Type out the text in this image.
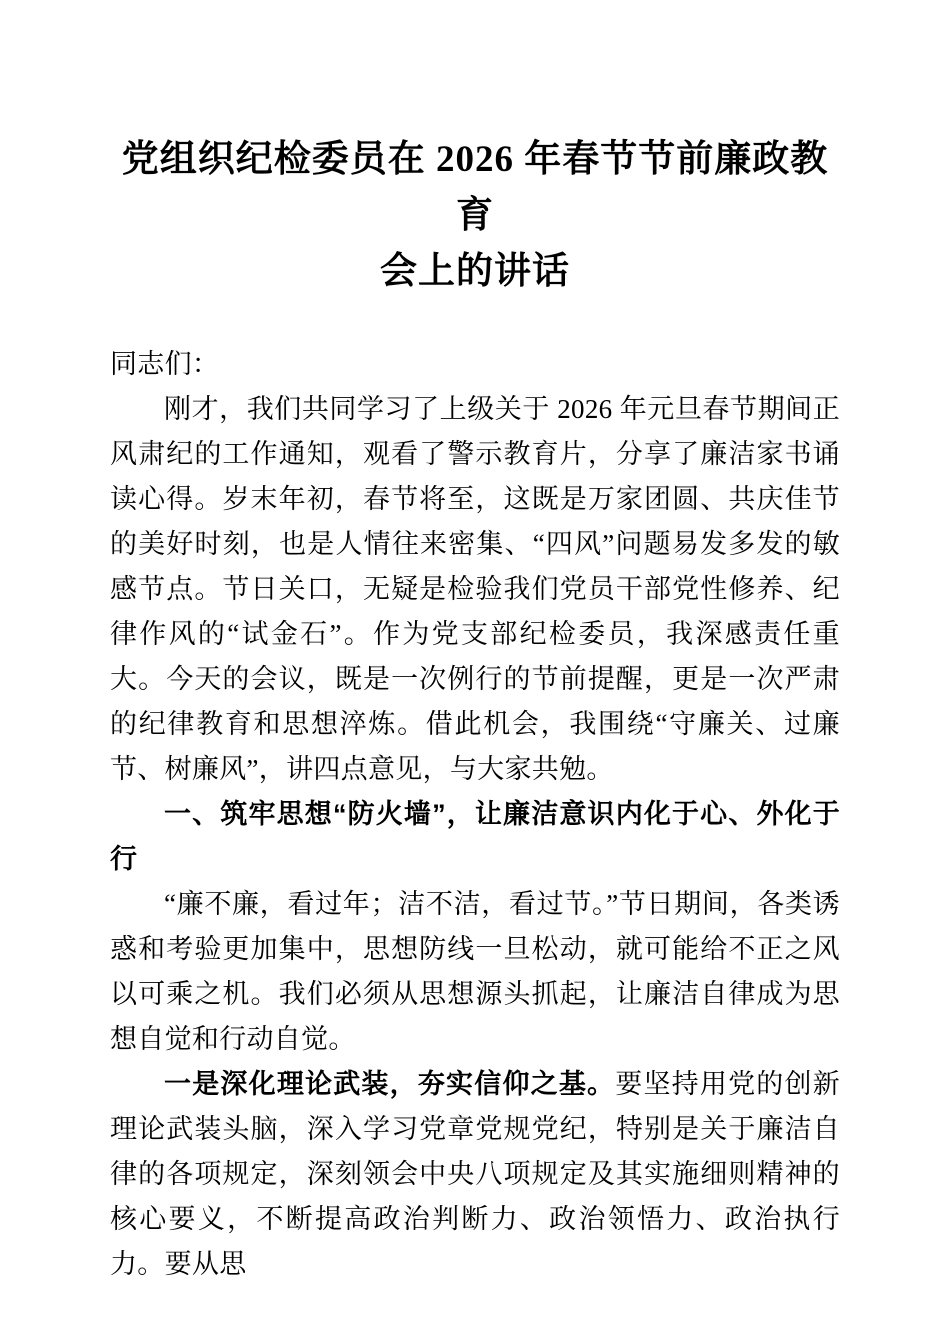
党组织纪检委员在 2026 年春节节前廉政教育
会上的讲话

同志们：

刚才，我们共同学习了上级关于 2026 年元旦春节期间正风肃纪的工作通知，观看了警示教育片，分享了廉洁家书诵读心得。岁末年初，春节将至，这既是万家团圆、共庆佳节的美好时刻，也是人情往来密集、“四风”问题易发多发的敏感节点。节日关口，无疑是检验我们党员干部党性修养、纪律作风的“试金石”。作为党支部纪检委员，我深感责任重大。今天的会议，既是一次例行的节前提醒，更是一次严肃的纪律教育和思想淬炼。借此机会，我围绕“守廉关、过廉节、树廉风”，讲四点意见，与大家共勉。

一、筑牢思想“防火墙”，让廉洁意识内化于心、外化于行

“廉不廉，看过年；洁不洁，看过节。”节日期间，各类诱惑和考验更加集中，思想防线一旦松动，就可能给不正之风以可乘之机。我们必须从思想源头抓起，让廉洁自律成为思想自觉和行动自觉。

一是深化理论武装，夯实信仰之基。要坚持用党的创新理论武装头脑，深入学习党章党规党纪，特别是关于廉洁自律的各项规定，深刻领会中央八项规定及其实施细则精神的核心要义，不断提高政治判断力、政治领悟力、政治执行力。要从思
